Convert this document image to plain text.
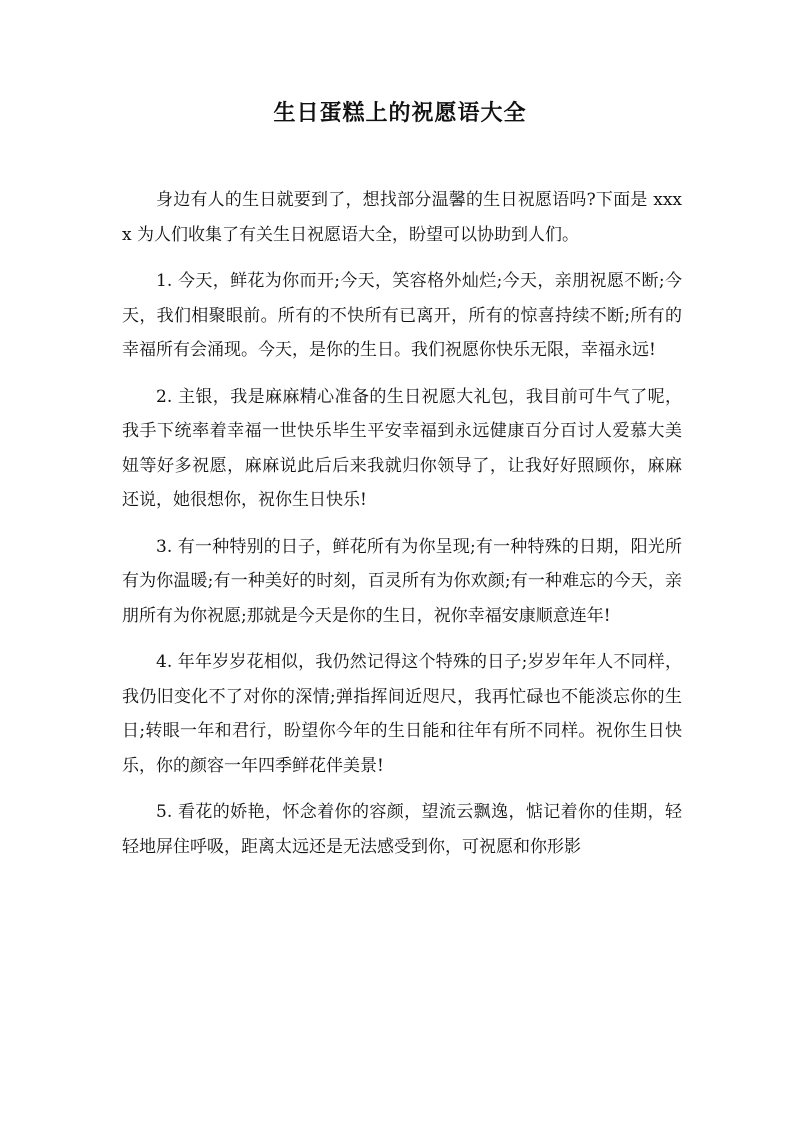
生日蛋糕上的祝愿语大全

身边有人的生日就要到了，想找部分温馨的生日祝愿语吗?下面是 xxxx 为人们收集了有关生日祝愿语大全，盼望可以协助到人们。

1. 今天，鲜花为你而开;今天，笑容格外灿烂;今天，亲朋祝愿不断;今天，我们相聚眼前。所有的不快所有已离开，所有的惊喜持续不断;所有的幸福所有会涌现。今天，是你的生日。我们祝愿你快乐无限，幸福永远!

2. 主银，我是麻麻精心准备的生日祝愿大礼包，我目前可牛气了呢，我手下统率着幸福一世快乐毕生平安幸福到永远健康百分百讨人爱慕大美妞等好多祝愿，麻麻说此后后来我就归你领导了，让我好好照顾你，麻麻还说，她很想你，祝你生日快乐!

3. 有一种特别的日子，鲜花所有为你呈现;有一种特殊的日期，阳光所有为你温暖;有一种美好的时刻，百灵所有为你欢颜;有一种难忘的今天，亲朋所有为你祝愿;那就是今天是你的生日，祝你幸福安康顺意连年!

4. 年年岁岁花相似，我仍然记得这个特殊的日子;岁岁年年人不同样，我仍旧变化不了对你的深情;弹指挥间近咫尺，我再忙碌也不能淡忘你的生日;转眼一年和君行，盼望你今年的生日能和往年有所不同样。祝你生日快乐，你的颜容一年四季鲜花伴美景!

5. 看花的娇艳，怀念着你的容颜，望流云飘逸，惦记着你的佳期，轻轻地屏住呼吸，距离太远还是无法感受到你，可祝愿和你形影
